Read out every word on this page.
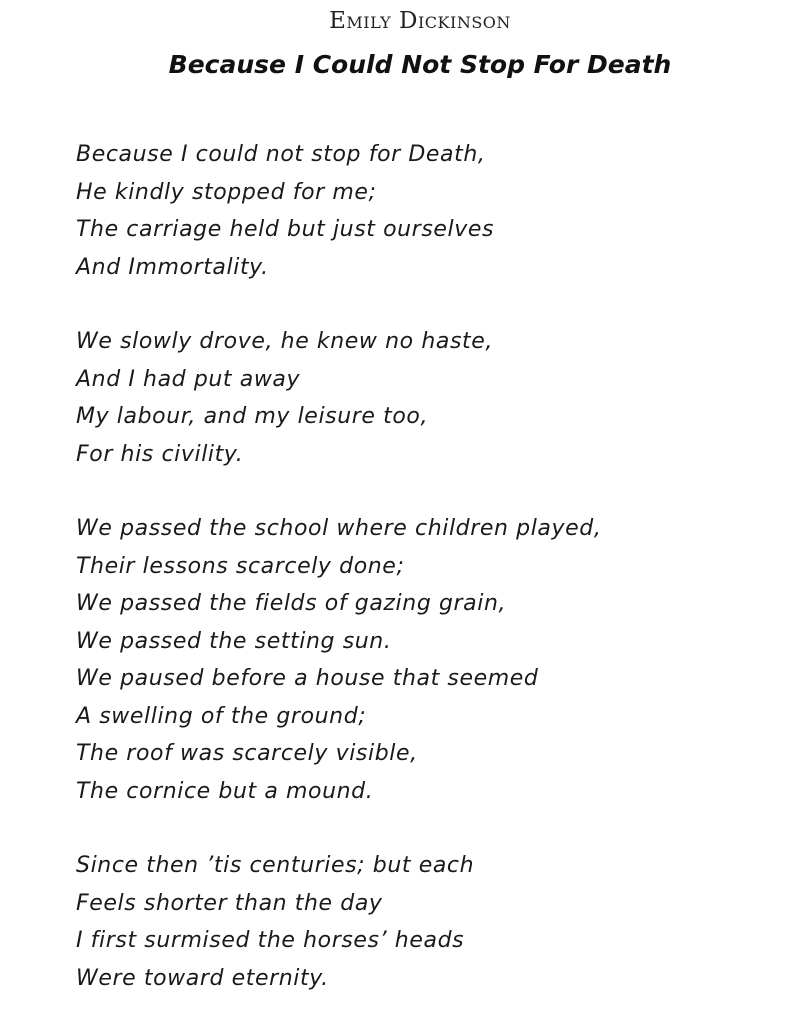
Emily Dickinson
Because I Could Not Stop For Death
Because I could not stop for Death,
He kindly stopped for me;
The carriage held but just ourselves
And Immortality.
We slowly drove, he knew no haste,
And I had put away
My labour, and my leisure too,
For his civility.
We passed the school where children played,
Their lessons scarcely done;
We passed the fields of gazing grain,
We passed the setting sun.
We paused before a house that seemed
A swelling of the ground;
The roof was scarcely visible,
The cornice but a mound.
Since then ’tis centuries; but each
Feels shorter than the day
I first surmised the horses’ heads
Were toward eternity.
